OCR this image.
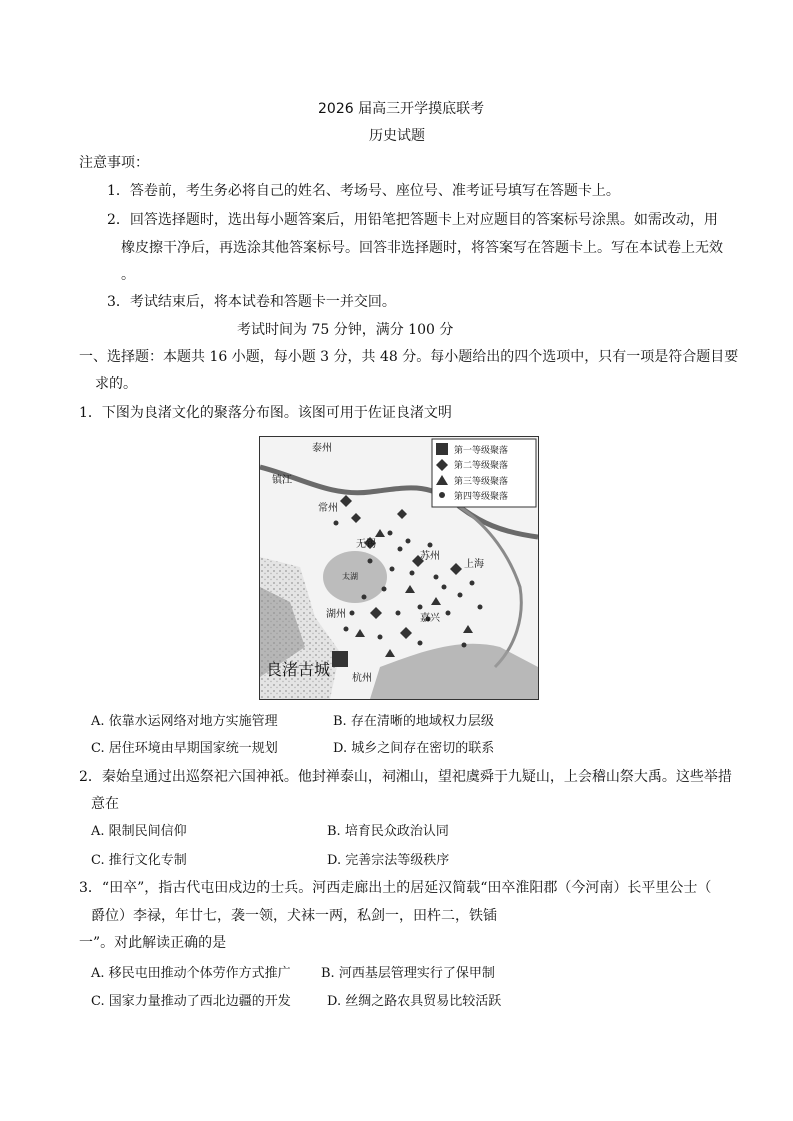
2026 届高三开学摸底联考
历史试题
注意事项：
1．答卷前，考生务必将自己的姓名、考场号、座位号、准考证号填写在答题卡上。
2．回答选择题时，选出每小题答案后，用铅笔把答题卡上对应题目的答案标号涂黑。如需改动，用
橡皮擦干净后，再选涂其他答案标号。回答非选择题时，将答案写在答题卡上。写在本试卷上无效
。
3．考试结束后，将本试卷和答题卡一并交回。
考试时间为 75 分钟，满分 100 分
一、选择题：本题共 16 小题，每小题 3 分，共 48 分。每小题给出的四个选项中，只有一项是符合题目要
求的。
1．下图为良渚文化的聚落分布图。该图可用于佐证良渚文明
第一等级聚落
第二等级聚落
第三等级聚落
第四等级聚落
泰州
镇江
常州
无锡
苏州
上海
湖州	嘉兴
杭州
太湖
良渚古城
A. 依靠水运网络对地方实施管理	B. 存在清晰的地域权力层级
C. 居住环境由早期国家统一规划	D. 城乡之间存在密切的联系
2．秦始皇通过出巡祭祀六国神祇。他封禅泰山，祠湘山，望祀虞舜于九疑山，上会稽山祭大禹。这些举措
意在
A. 限制民间信仰	B. 培育民众政治认同
C. 推行文化专制	D. 完善宗法等级秩序
3．“田卒”，指古代屯田戍边的士兵。河西走廊出土的居延汉简载“田卒淮阳郡（今河南）长平里公士（
爵位）李禄，年廿七，袭一领，犬袜一两，私剑一，田杵二，铁锸
一”。对此解读正确的是
A. 移民屯田推动个体劳作方式推广 B. 河西基层管理实行了保甲制
C. 国家力量推动了西北边疆的开发	D. 丝绸之路农具贸易比较活跃
